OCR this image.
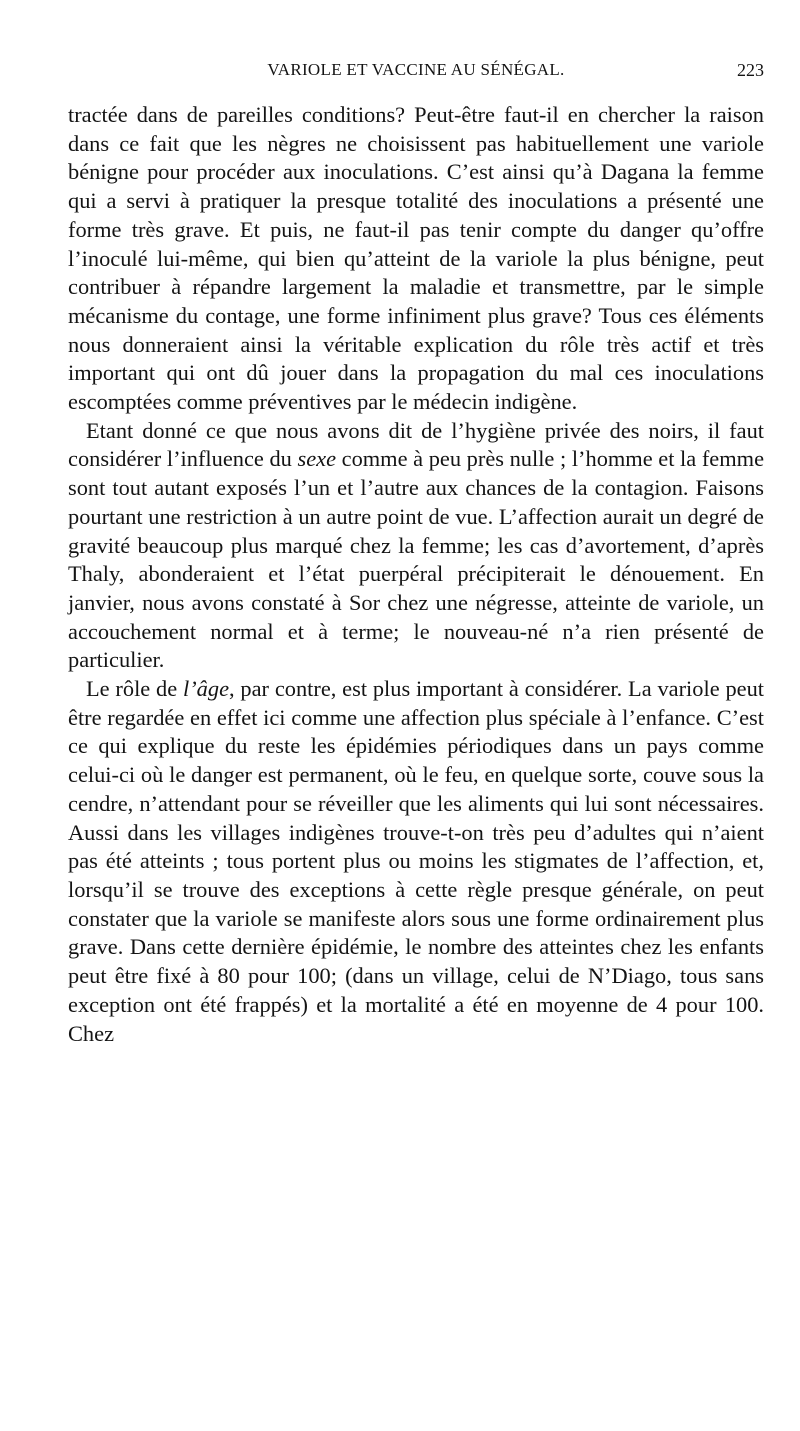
VARIOLE ET VACCINE AU SÉNÉGAL.	223

tractée dans de pareilles conditions? Peut-être faut-il en chercher la raison dans ce fait que les nègres ne choisissent pas habituellement une variole bénigne pour procéder aux inoculations. C’est ainsi qu’à Dagana la femme qui a servi à pratiquer la presque totalité des inoculations a présenté une forme très grave. Et puis, ne faut-il pas tenir compte du danger qu’offre l’inoculé lui-même, qui bien qu’atteint de la variole la plus bénigne, peut contribuer à répandre largement la maladie et transmettre, par le simple mécanisme du contage, une forme infiniment plus grave? Tous ces éléments nous donneraient ainsi la véritable explication du rôle très actif et très important qui ont dû jouer dans la propagation du mal ces inoculations escomptées comme préventives par le médecin indigène.

Etant donné ce que nous avons dit de l’hygiène privée des noirs, il faut considérer l’influence du sexe comme à peu près nulle ; l’homme et la femme sont tout autant exposés l’un et l’autre aux chances de la contagion. Faisons pourtant une restriction à un autre point de vue. L’affection aurait un degré de gravité beaucoup plus marqué chez la femme; les cas d’avortement, d’après Thaly, abonderaient et l’état puerpéral précipiterait le dénouement. En janvier, nous avons constaté à Sor chez une négresse, atteinte de variole, un accouchement normal et à terme; le nouveau-né n’a rien présenté de particulier.

Le rôle de l’âge, par contre, est plus important à considérer. La variole peut être regardée en effet ici comme une affection plus spéciale à l’enfance. C’est ce qui explique du reste les épidémies périodiques dans un pays comme celui-ci où le danger est permanent, où le feu, en quelque sorte, couve sous la cendre, n’attendant pour se réveiller que les aliments qui lui sont nécessaires. Aussi dans les villages indigènes trouve-t-on très peu d’adultes qui n’aient pas été atteints ; tous portent plus ou moins les stigmates de l’affection, et, lorsqu’il se trouve des exceptions à cette règle presque générale, on peut constater que la variole se manifeste alors sous une forme ordinairement plus grave. Dans cette dernière épidémie, le nombre des atteintes chez les enfants peut être fixé à 80 pour 100; (dans un village, celui de N’Diago, tous sans exception ont été frappés) et la mortalité a été en moyenne de 4 pour 100. Chez
